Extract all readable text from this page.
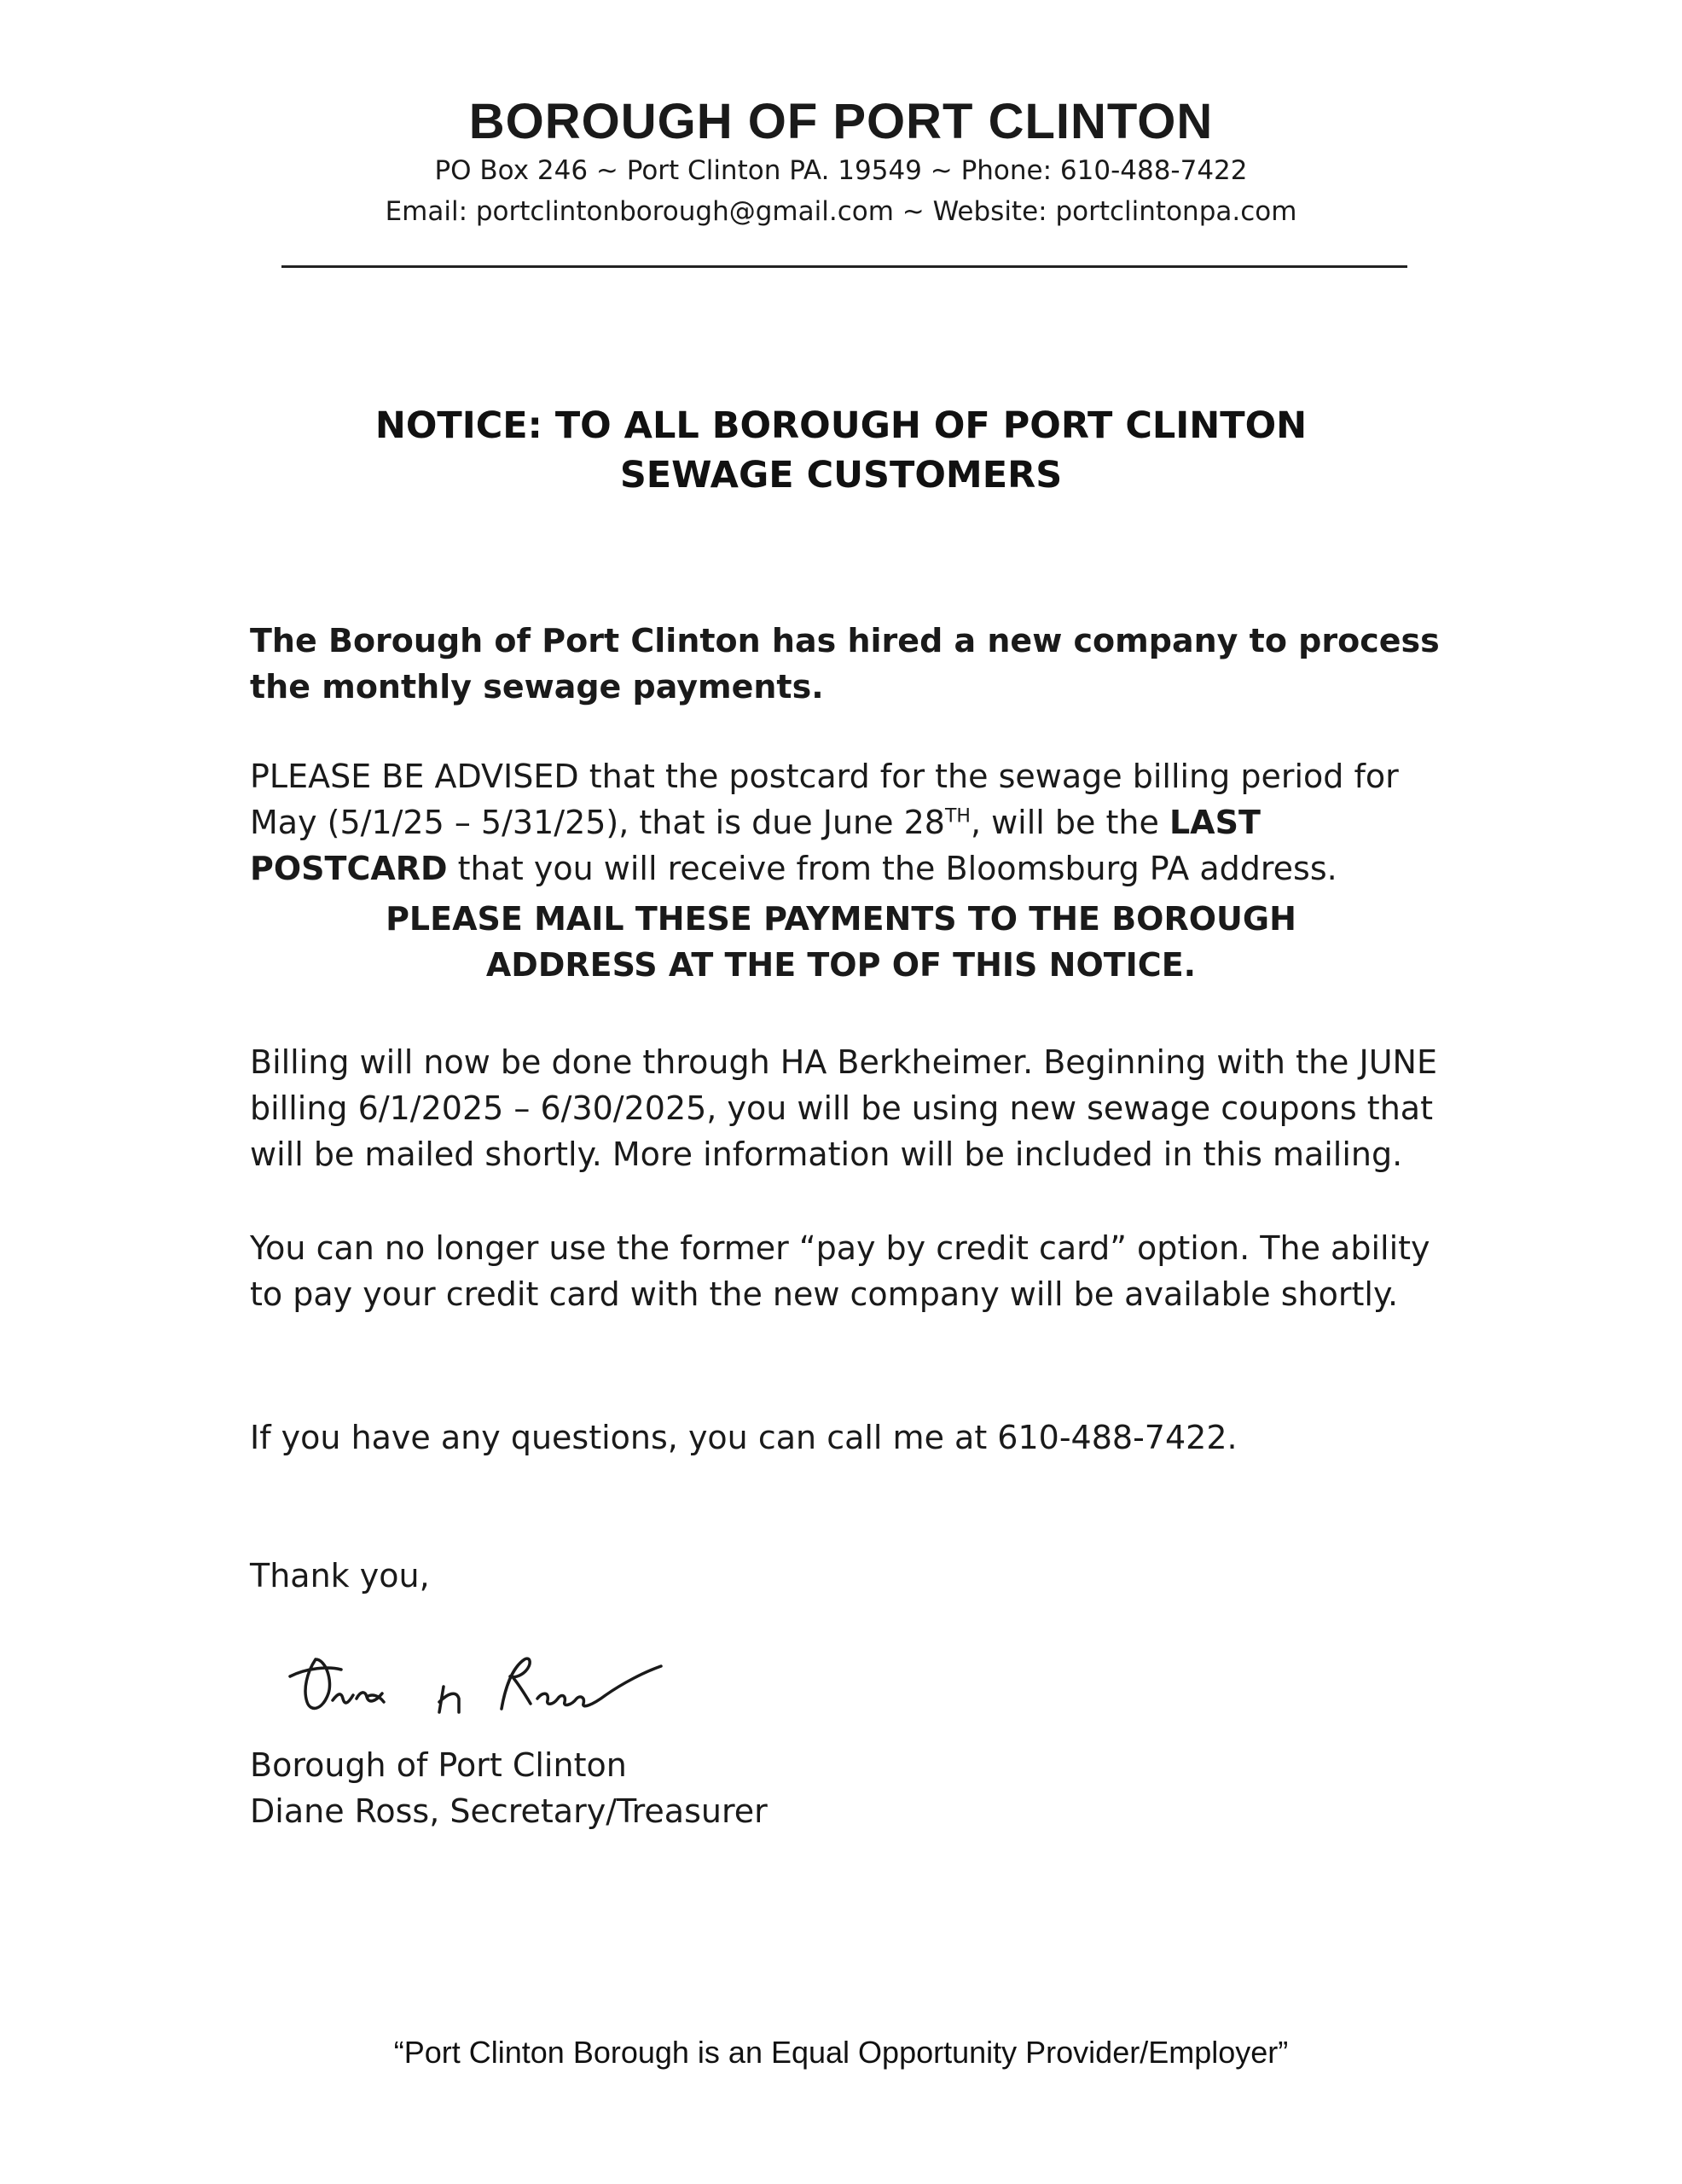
BOROUGH OF PORT CLINTON
PO Box 246 ~ Port Clinton PA. 19549 ~ Phone: 610-488-7422
Email: portclintonborough@gmail.com ~ Website: portclintonpa.com
NOTICE: TO ALL BOROUGH OF PORT CLINTON
SEWAGE CUSTOMERS
The Borough of Port Clinton has hired a new company to process the monthly sewage payments.
PLEASE BE ADVISED that the postcard for the sewage billing period for May (5/1/25 – 5/31/25), that is due June 28TH, will be the LAST POSTCARD that you will receive from the Bloomsburg PA address.
PLEASE MAIL THESE PAYMENTS TO THE BOROUGH
ADDRESS AT THE TOP OF THIS NOTICE.
Billing will now be done through HA Berkheimer. Beginning with the JUNE billing 6/1/2025 – 6/30/2025, you will be using new sewage coupons that will be mailed shortly. More information will be included in this mailing.
You can no longer use the former “pay by credit card” option. The ability to pay your credit card with the new company will be available shortly.
If you have any questions, you can call me at 610-488-7422.
Thank you,
Borough of Port Clinton
Diane Ross, Secretary/Treasurer
“Port Clinton Borough is an Equal Opportunity Provider/Employer”
